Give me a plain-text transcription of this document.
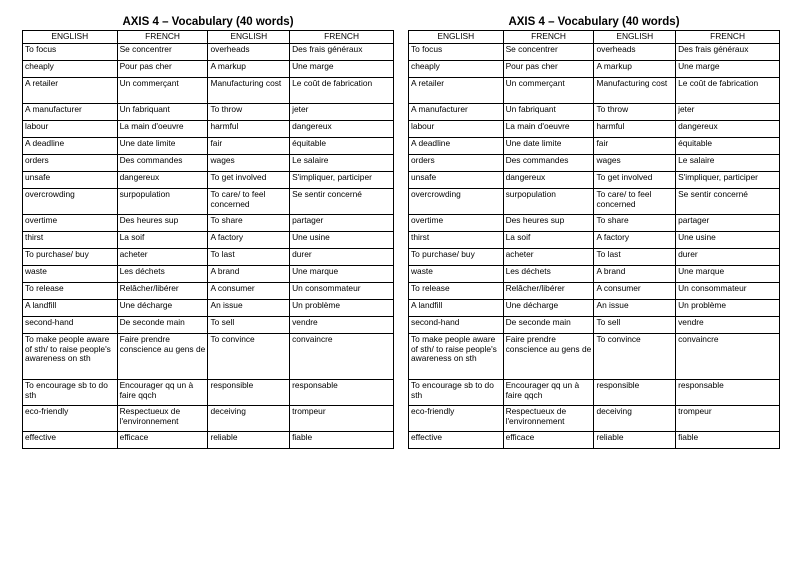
AXIS 4 – Vocabulary (40 words)
ENGLISH	FRENCH	ENGLISH	FRENCH
To focus	Se concentrer	overheads	Des frais généraux
cheaply	Pour pas cher	A markup	Une marge
A retailer	Un commerçant	Manufacturing cost	Le coût de fabrication
A manufacturer	Un fabriquant	To throw	jeter
labour	La main d'oeuvre	harmful	dangereux
A deadline	Une date limite	fair	équitable
orders	Des commandes	wages	Le salaire
unsafe	dangereux	To get involved	S'impliquer, participer
overcrowding	surpopulation	To care/ to feel concerned	Se sentir concerné
overtime	Des heures sup	To share	partager
thirst	La soif	A factory	Une usine
To purchase/ buy	acheter	To last	durer
waste	Les déchets	A brand	Une marque
To release	Relâcher/libérer	A consumer	Un consommateur
A landfill	Une décharge	An issue	Un problème
second-hand	De seconde main	To sell	vendre
To make people aware of sth/ to raise people's awareness on sth	Faire prendre conscience au gens de	To convince	convaincre
To encourage sb to do sth	Encourager qq un à faire qqch	responsible	responsable
eco-friendly	Respectueux de l'environnement	deceiving	trompeur
effective	efficace	reliable	fiable
AXIS 4 – Vocabulary (40 words)
ENGLISH	FRENCH	ENGLISH	FRENCH
To focus	Se concentrer	overheads	Des frais généraux
cheaply	Pour pas cher	A markup	Une marge
A retailer	Un commerçant	Manufacturing cost	Le coût de fabrication
A manufacturer	Un fabriquant	To throw	jeter
labour	La main d'oeuvre	harmful	dangereux
A deadline	Une date limite	fair	équitable
orders	Des commandes	wages	Le salaire
unsafe	dangereux	To get involved	S'impliquer, participer
overcrowding	surpopulation	To care/ to feel concerned	Se sentir concerné
overtime	Des heures sup	To share	partager
thirst	La soif	A factory	Une usine
To purchase/ buy	acheter	To last	durer
waste	Les déchets	A brand	Une marque
To release	Relâcher/libérer	A consumer	Un consommateur
A landfill	Une décharge	An issue	Un problème
second-hand	De seconde main	To sell	vendre
To make people aware of sth/ to raise people's awareness on sth	Faire prendre conscience au gens de	To convince	convaincre
To encourage sb to do sth	Encourager qq un à faire qqch	responsible	responsable
eco-friendly	Respectueux de l'environnement	deceiving	trompeur
effective	efficace	reliable	fiable
